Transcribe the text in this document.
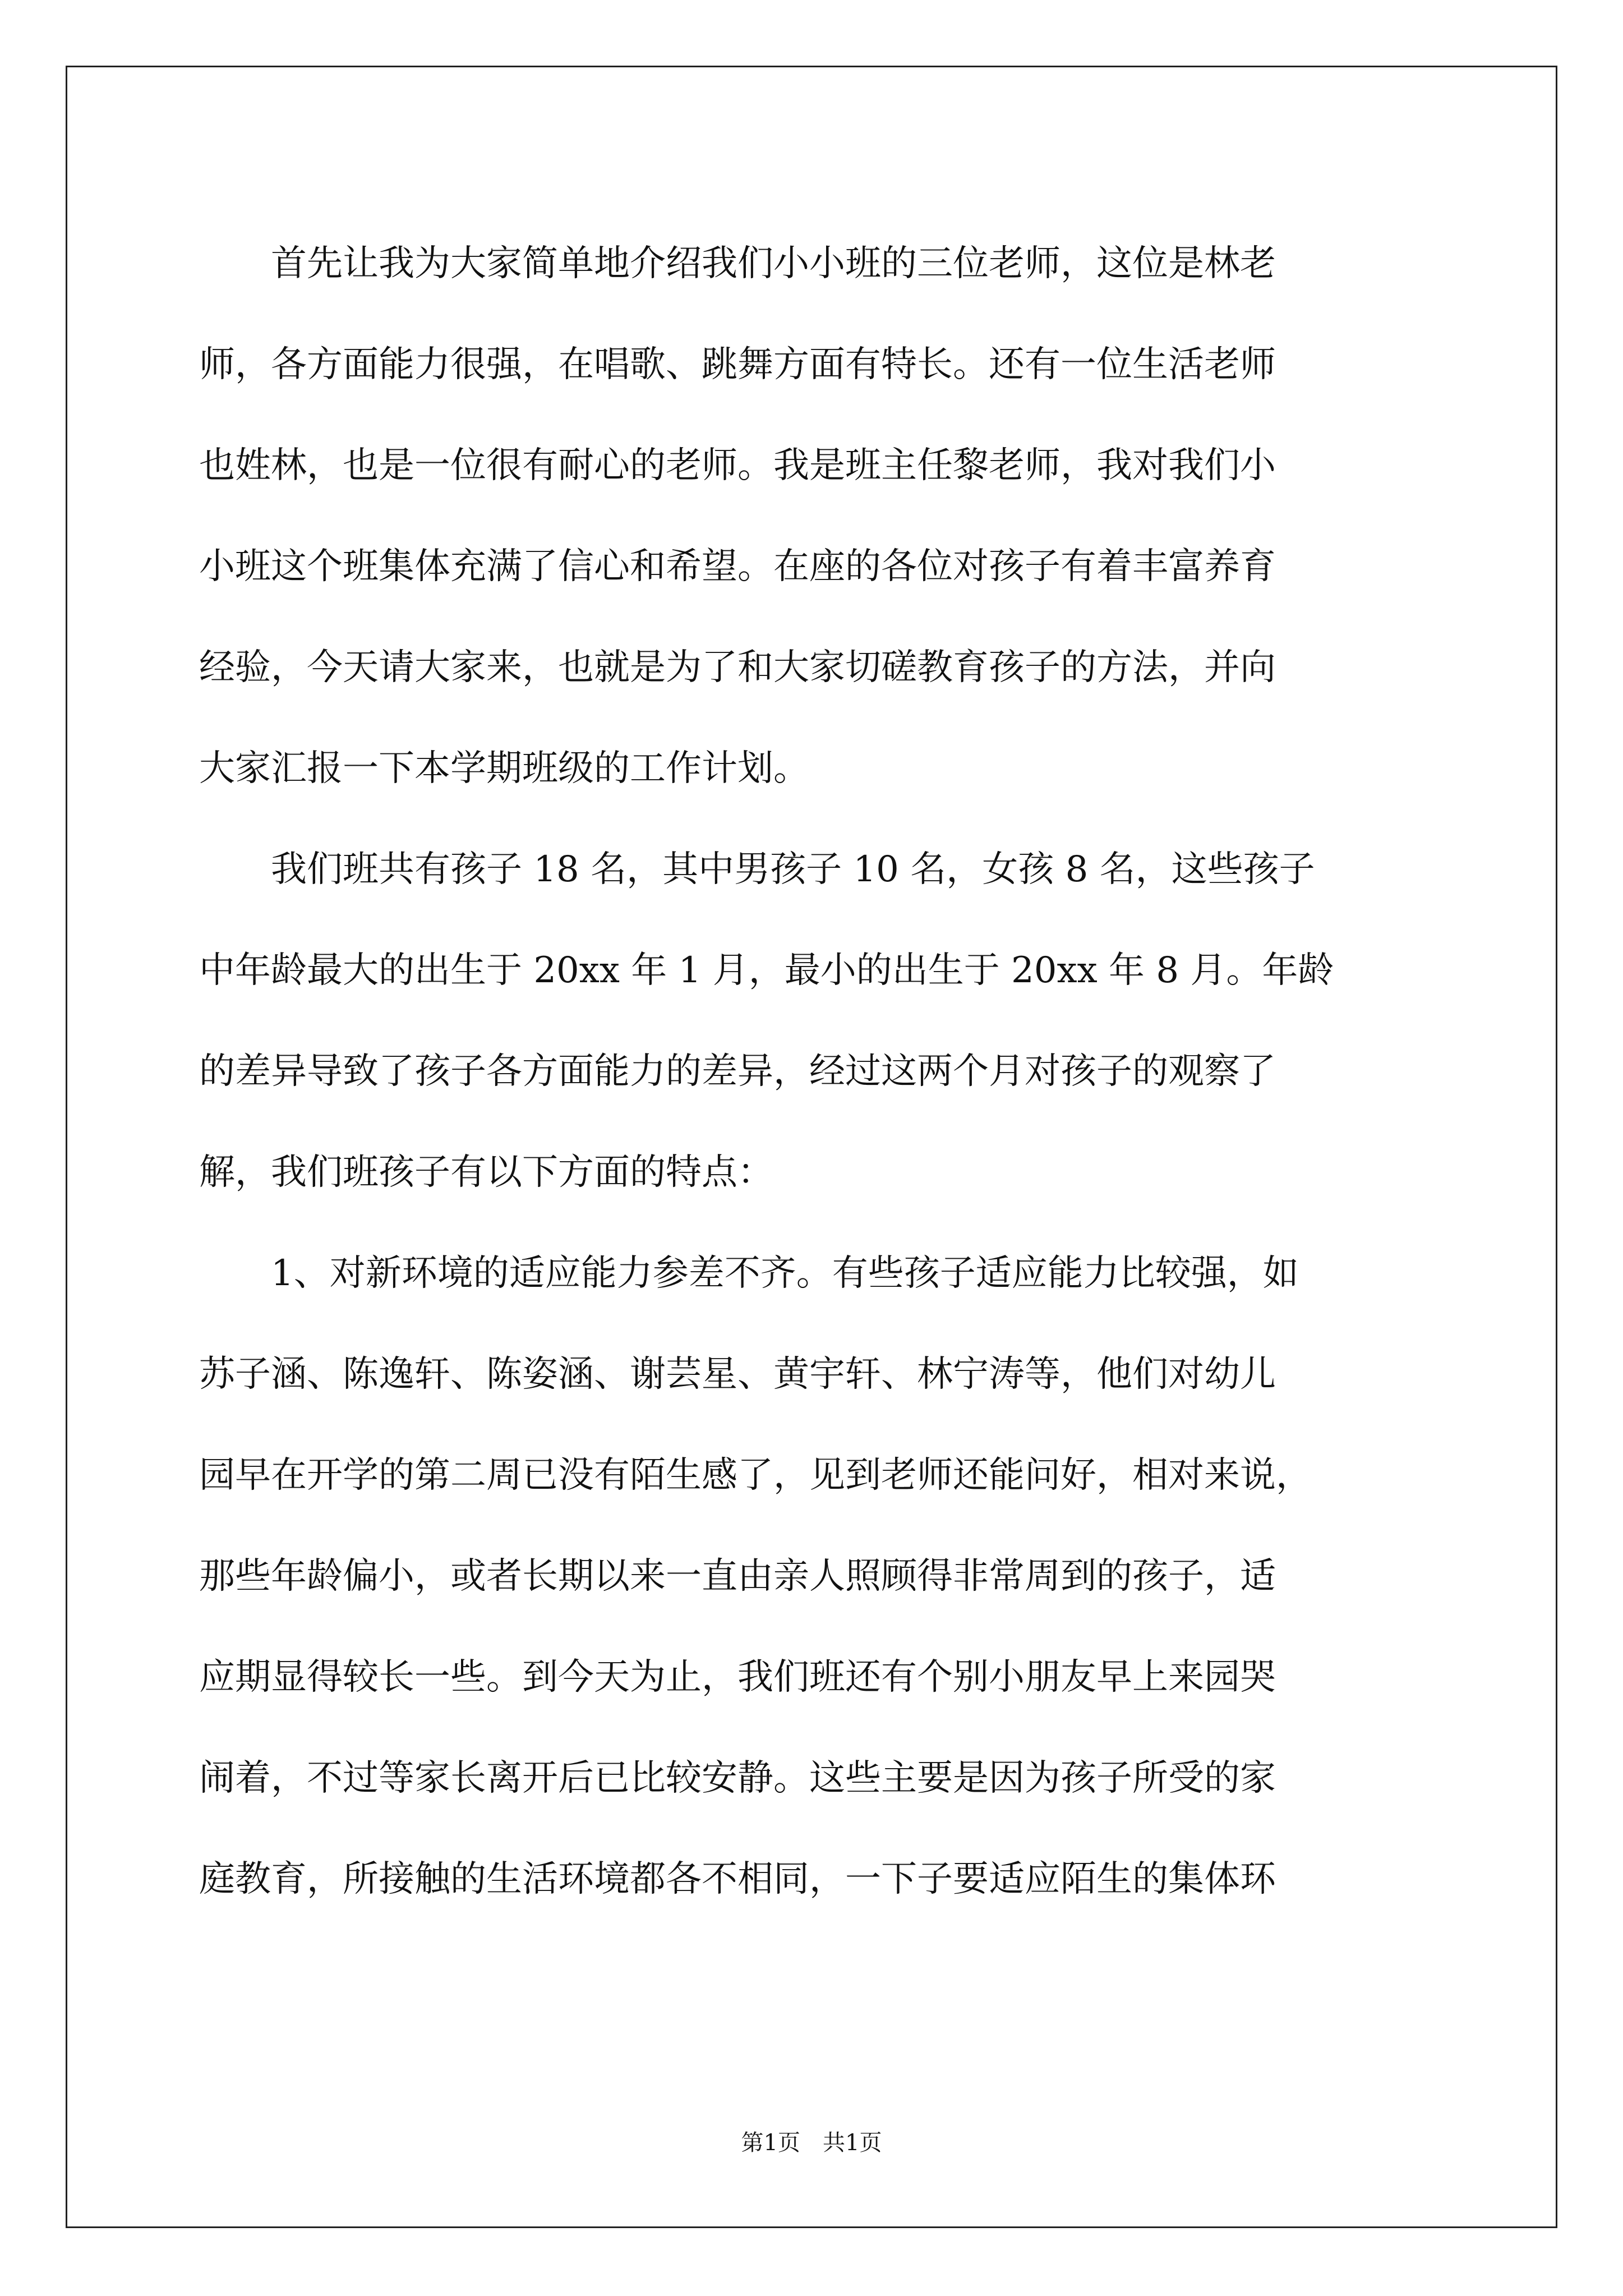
　　首先让我为大家简单地介绍我们小小班的三位老师，这位是林老
师，各方面能力很强，在唱歌、跳舞方面有特长。还有一位生活老师
也姓林，也是一位很有耐心的老师。我是班主任黎老师，我对我们小
小班这个班集体充满了信心和希望。在座的各位对孩子有着丰富养育
经验，今天请大家来，也就是为了和大家切磋教育孩子的方法，并向
大家汇报一下本学期班级的工作计划。
　　我们班共有孩子 18 名，其中男孩子 10 名，女孩 8 名，这些孩子
中年龄最大的出生于 20xx 年 1 月，最小的出生于 20xx 年 8 月。年龄
的差异导致了孩子各方面能力的差异，经过这两个月对孩子的观察了
解，我们班孩子有以下方面的特点：
　　1、对新环境的适应能力参差不齐。有些孩子适应能力比较强，如
苏子涵、陈逸轩、陈姿涵、谢芸星、黄宇轩、林宁涛等，他们对幼儿
园早在开学的第二周已没有陌生感了，见到老师还能问好，相对来说，
那些年龄偏小，或者长期以来一直由亲人照顾得非常周到的孩子，适
应期显得较长一些。到今天为止，我们班还有个别小朋友早上来园哭
闹着，不过等家长离开后已比较安静。这些主要是因为孩子所受的家
庭教育，所接触的生活环境都各不相同，一下子要适应陌生的集体环
第1页 共1页
